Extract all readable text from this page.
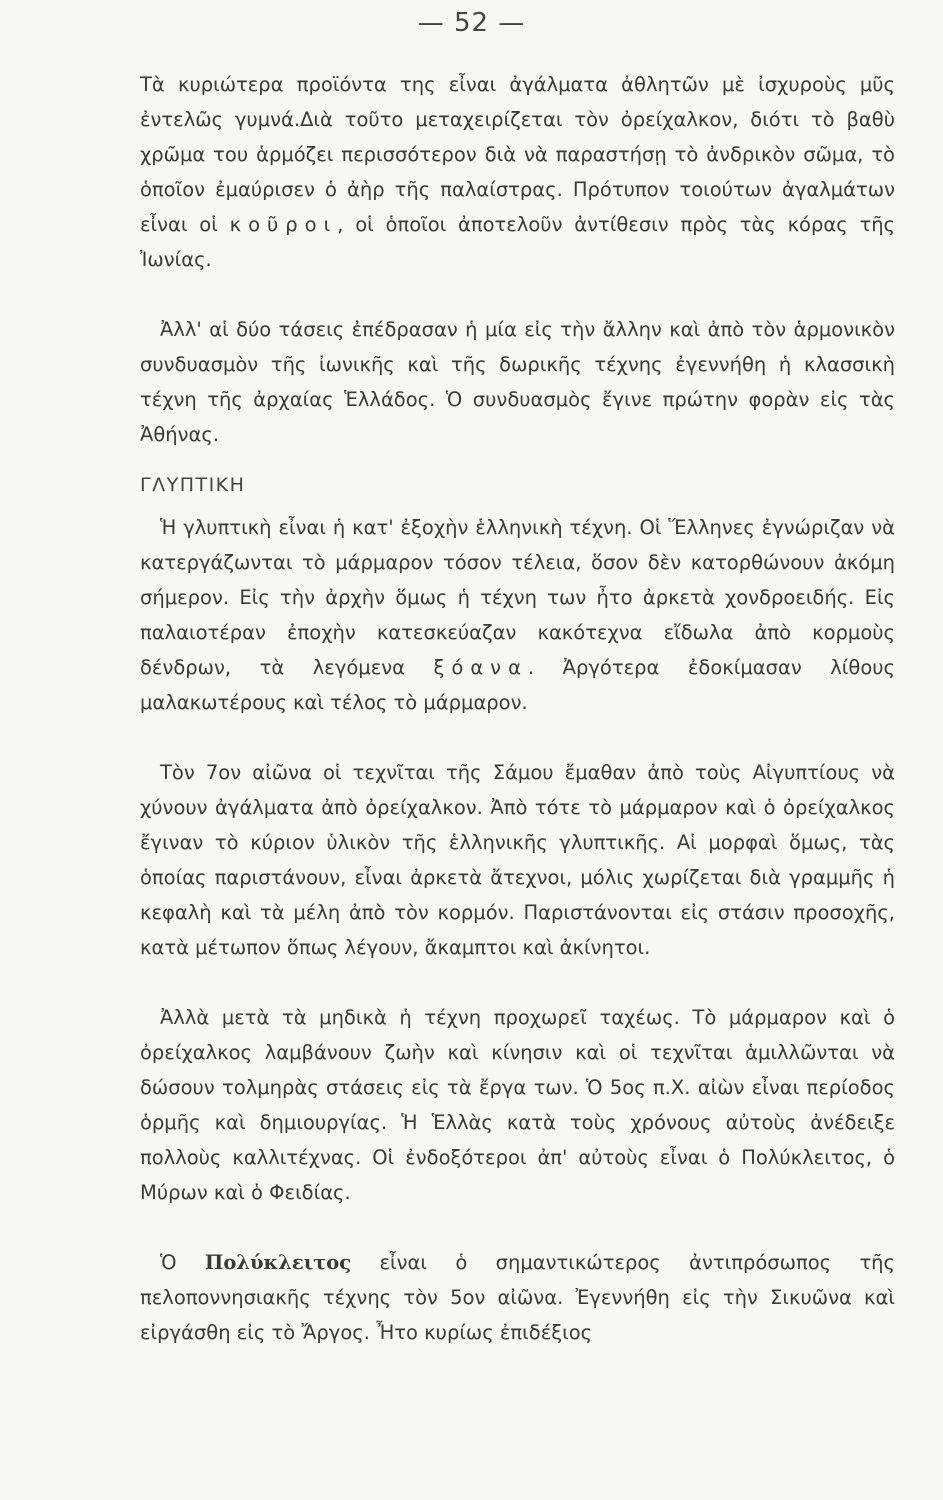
— 52 —

Τὰ κυριώτερα προϊόντα της εἶναι ἀγάλματα ἀθλητῶν μὲ ἰσχυροὺς μῦς ἐντελῶς γυμνά.Διὰ τοῦτο μεταχειρίζεται τὸν ὀρείχαλκον, διότι τὸ βαθὺ χρῶμα του ἁρμόζει περισσότερον διὰ νὰ παραστήσῃ τὸ ἀνδρικὸν σῶμα, τὸ ὁποῖον ἐμαύρισεν ὁ ἀὴρ τῆς παλαίστρας. Πρότυπον τοιούτων ἀγαλμάτων εἶναι οἱ κοῦροι, οἱ ὁποῖοι ἀποτελοῦν ἀντίθεσιν πρὸς τὰς κόρας τῆς Ἰωνίας.

Ἀλλ' αἱ δύο τάσεις ἐπέδρασαν ἡ μία εἰς τὴν ἄλλην καὶ ἀπὸ τὸν ἁρμονικὸν συνδυασμὸν τῆς ἰωνικῆς καὶ τῆς δωρικῆς τέχνης ἐγεννήθη ἡ κλασσικὴ τέχνη τῆς ἀρχαίας Ἑλλάδος. Ὁ συνδυασμὸς ἔγινε πρώτην φορὰν εἰς τὰς Ἀθήνας.

ΓΛΥΠΤΙΚΗ

Ἡ γλυπτικὴ εἶναι ἡ κατ' ἐξοχὴν ἑλληνικὴ τέχνη. Οἱ Ἕλληνες ἐγνώριζαν νὰ κατεργάζωνται τὸ μάρμαρον τόσον τέλεια, ὅσον δὲν κατορθώνουν ἀκόμη σήμερον. Εἰς τὴν ἀρχὴν ὅμως ἡ τέχνη των ἦτο ἀρκετὰ χονδροειδής. Εἰς παλαιοτέραν ἐποχὴν κατεσκεύαζαν κακότεχνα εἴδωλα ἀπὸ κορμοὺς δένδρων, τὰ λεγόμενα ξόανα. Ἀργότερα ἐδοκίμασαν λίθους μαλακωτέρους καὶ τέλος τὸ μάρμαρον.

Τὸν 7ον αἰῶνα οἱ τεχνῖται τῆς Σάμου ἔμαθαν ἀπὸ τοὺς Αἰγυπτίους νὰ χύνουν ἀγάλματα ἀπὸ ὀρείχαλκον. Ἀπὸ τότε τὸ μάρμαρον καὶ ὁ ὀρείχαλκος ἔγιναν τὸ κύριον ὑλικὸν τῆς ἑλληνικῆς γλυπτικῆς. Αἱ μορφαὶ ὅμως, τὰς ὁποίας παριστάνουν, εἶναι ἀρκετὰ ἄτεχνοι, μόλις χωρίζεται διὰ γραμμῆς ἡ κεφαλὴ καὶ τὰ μέλη ἀπὸ τὸν κορμόν. Παριστάνονται εἰς στάσιν προσοχῆς, κατὰ μέτωπον ὅπως λέγουν, ἄκαμπτοι καὶ ἀκίνητοι.

Ἀλλὰ μετὰ τὰ μηδικὰ ἡ τέχνη προχωρεῖ ταχέως. Τὸ μάρμαρον καὶ ὁ ὀρείχαλκος λαμβάνουν ζωὴν καὶ κίνησιν καὶ οἱ τεχνῖται ἁμιλλῶνται νὰ δώσουν τολμηρὰς στάσεις εἰς τὰ ἔργα των. Ὁ 5ος π.Χ. αἰὼν εἶναι περίοδος ὁρμῆς καὶ δημιουργίας. Ἡ Ἑλλὰς κατὰ τοὺς χρόνους αὐτοὺς ἀνέδειξε πολλοὺς καλλιτέχνας. Οἱ ἐνδοξότεροι ἀπ' αὐτοὺς εἶναι ὁ Πολύκλειτος, ὁ Μύρων καὶ ὁ Φειδίας.

Ὁ Πολύκλειτος εἶναι ὁ σημαντικώτερος ἀντιπρόσωπος τῆς πελοποννησιακῆς τέχνης τὸν 5ον αἰῶνα. Ἐγεννήθη εἰς τὴν Σικυῶνα καὶ εἰργάσθη εἰς τὸ Ἄργος. Ἦτο κυρίως ἐπιδέξιος
